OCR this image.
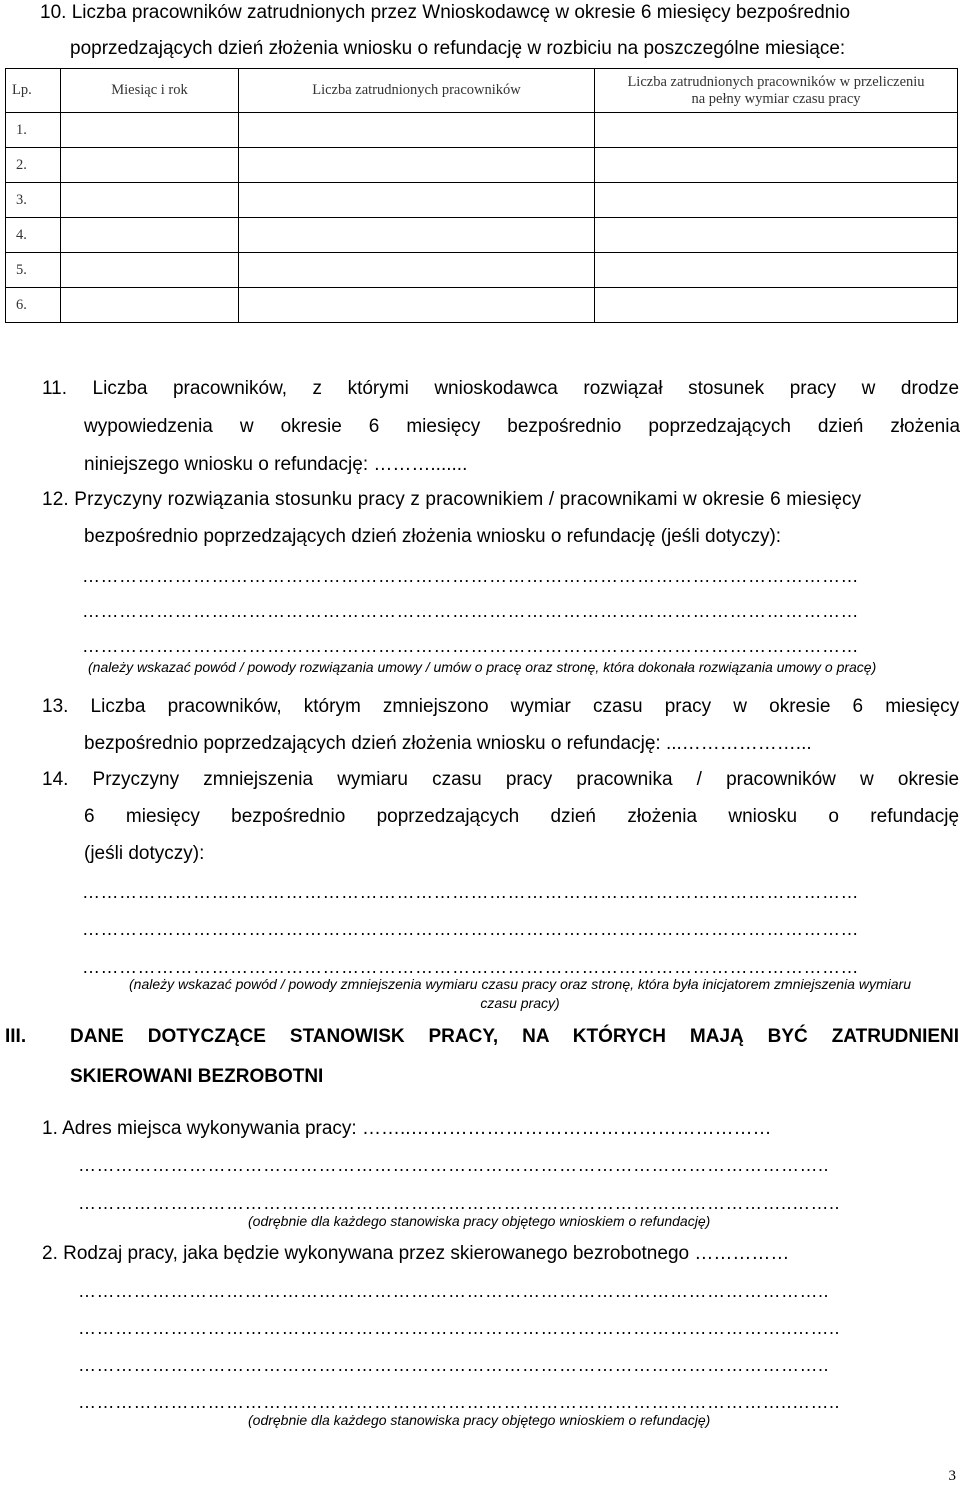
10. Liczba pracowników zatrudnionych przez Wnioskodawcę w okresie 6 miesięcy bezpośrednio
poprzedzających dzień złożenia wniosku o refundację w rozbiciu na poszczególne miesiące:
Lp.	Miesiąc i rok	Liczba zatrudnionych pracowników	Liczba zatrudnionych pracowników w przeliczeniu
na pełny wymiar czasu pracy

1.			
2.			
3.			
4.			
5.			
6.			
11. Liczba pracowników, z którymi wnioskodawca rozwiązał stosunek pracy w drodze
wypowiedzenia w okresie 6 miesięcy bezpośrednio poprzedzających dzień złożenia
niniejszego wniosku o refundację: ……….......
12. Przyczyny rozwiązania stosunku pracy z pracownikiem / pracownikami w okresie 6 miesięcy
bezpośrednio poprzedzających dzień złożenia wniosku o refundację (jeśli dotyczy):
………………………………………………………………………………………………………………
………………………………………………………………………………………………………………
………………………………………………………………………………………………………………
(należy wskazać powód / powody rozwiązania umowy / umów o pracę oraz stronę, która dokonała rozwiązania umowy o pracę)
13. Liczba pracowników, którym zmniejszono wymiar czasu pracy w okresie 6 miesięcy
bezpośrednio poprzedzających dzień złożenia wniosku o refundację: ...………………...
14. Przyczyny zmniejszenia wymiaru czasu pracy pracownika / pracowników w okresie
6 miesięcy bezpośrednio poprzedzających dzień złożenia wniosku o refundację
(jeśli dotyczy):
………………………………………………………………………………………………………………
………………………………………………………………………………………………………………
………………………………………………………………………………………………………………
(należy wskazać powód / powody zmniejszenia wymiaru czasu pracy oraz stronę, która była inicjatorem zmniejszenia wymiaru
czasu pracy)
III. DANE DOTYCZĄCE STANOWISK PRACY, NA KTÓRYCH MAJĄ BYĆ ZATRUDNIENI
SKIEROWANI BEZROBOTNI
1. Adres miejsca wykonywania pracy: ……..…………………………………………………
…………………………………………………………………………………………………………..
……………………………………………………………………………………………………..……..
(odrębnie dla każdego stanowiska pracy objętego wnioskiem o refundację)
2. Rodzaj pracy, jaka będzie wykonywana przez skierowanego bezrobotnego ……………
…………………………………………………………………………………………………………..
……………………………………………………………………………………………………..……..
…………………………………………………………………………………………………………..
……………………………………………………………………………………………………..……..
(odrębnie dla każdego stanowiska pracy objętego wnioskiem o refundację)
3
